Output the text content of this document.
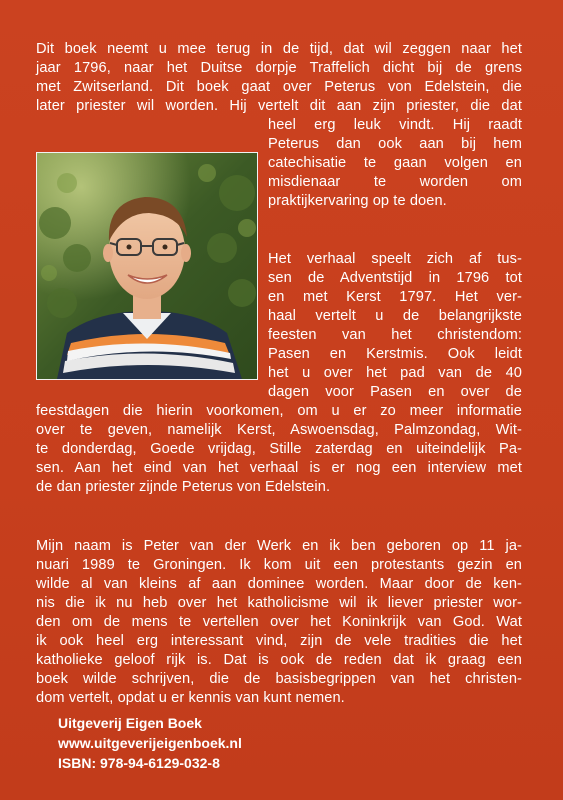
Dit boek neemt u mee terug in de tijd, dat wil zeggen naar het
jaar 1796, naar het Duitse dorpje Traffelich dicht bij de grens
met Zwitserland. Dit boek gaat over Peterus von Edelstein, die
later priester wil worden. Hij vertelt dit aan zijn priester, die dat
heel erg leuk vindt. Hij raadt
Peterus dan ook aan bij hem
catechisatie te gaan volgen en
misdienaar te worden om
praktijkervaring op te doen.
Het verhaal speelt zich af tus-
sen de Adventstijd in 1796 tot
en met Kerst 1797. Het ver-
haal vertelt u de belangrijkste
feesten van het christendom:
Pasen en Kerstmis. Ook leidt
het u over het pad van de 40
dagen voor Pasen en over de
feestdagen die hierin voorkomen, om u er zo meer informatie
over te geven, namelijk Kerst, Aswoensdag, Palmzondag, Wit-
te donderdag, Goede vrijdag, Stille zaterdag en uiteindelijk Pa-
sen. Aan het eind van het verhaal is er nog een interview met
de dan priester zijnde Peterus von Edelstein.
Mijn naam is Peter van der Werk en ik ben geboren op 11 ja-
nuari 1989 te Groningen. Ik kom uit een protestants gezin en
wilde al van kleins af aan dominee worden. Maar door de ken-
nis die ik nu heb over het katholicisme wil ik liever priester wor-
den om de mens te vertellen over het Koninkrijk van God. Wat
ik ook heel erg interessant vind, zijn de vele tradities die het
katholieke geloof rijk is. Dat is ook de reden dat ik graag een
boek wilde schrijven, die de basisbegrippen van het christen-
dom vertelt, opdat u er kennis van kunt nemen.
Uitgeverij Eigen Boek
www.uitgeverijeigenboek.nl
ISBN: 978-94-6129-032-8
